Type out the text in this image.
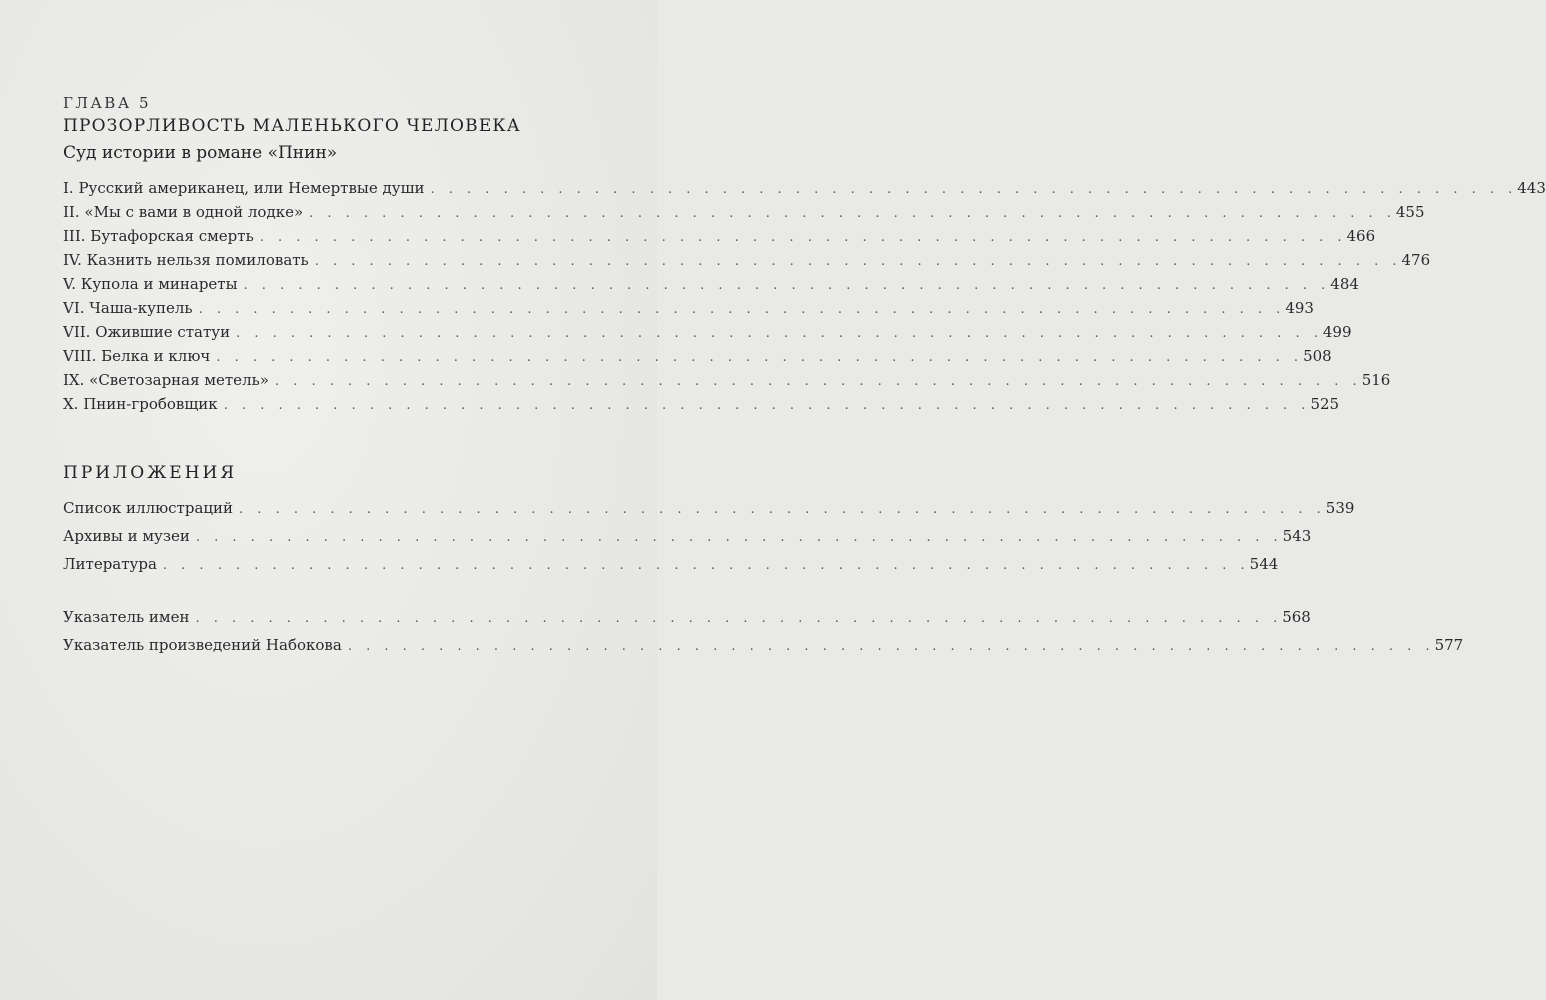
ГЛАВА 5
ПРОЗОРЛИВОСТЬ МАЛЕНЬКОГО ЧЕЛОВЕКА
Суд истории в романе «Пнин»
I. Русский американец, или Немертвые души . . . . . . . . . . . . . . . . . . . . . . . . . . . . . . . . . . . . . . . . . . . . . . . . . . . . . . . . . . . . 443
II. «Мы с вами в одной лодке» . . . . . . . . . . . . . . . . . . . . . . . . . . . . . . . . . . . . . . . . . . . . . . . . . . . . . . . . . . . . 455
III. Бутафорская смерть . . . . . . . . . . . . . . . . . . . . . . . . . . . . . . . . . . . . . . . . . . . . . . . . . . . . . . . . . . . . 466
IV. Казнить нельзя помиловать . . . . . . . . . . . . . . . . . . . . . . . . . . . . . . . . . . . . . . . . . . . . . . . . . . . . . . . . . . . . 476
V. Купола и минареты . . . . . . . . . . . . . . . . . . . . . . . . . . . . . . . . . . . . . . . . . . . . . . . . . . . . . . . . . . . . 484
VI. Чаша-купель . . . . . . . . . . . . . . . . . . . . . . . . . . . . . . . . . . . . . . . . . . . . . . . . . . . . . . . . . . . . 493
VII. Ожившие статуи . . . . . . . . . . . . . . . . . . . . . . . . . . . . . . . . . . . . . . . . . . . . . . . . . . . . . . . . . . . . 499
VIII. Белка и ключ . . . . . . . . . . . . . . . . . . . . . . . . . . . . . . . . . . . . . . . . . . . . . . . . . . . . . . . . . . . . 508
IX. «Светозарная метель» . . . . . . . . . . . . . . . . . . . . . . . . . . . . . . . . . . . . . . . . . . . . . . . . . . . . . . . . . . . . 516
X. Пнин-гробовщик . . . . . . . . . . . . . . . . . . . . . . . . . . . . . . . . . . . . . . . . . . . . . . . . . . . . . . . . . . . . 525
ПРИЛОЖЕНИЯ
Список иллюстраций . . . . . . . . . . . . . . . . . . . . . . . . . . . . . . . . . . . . . . . . . . . . . . . . . . . . . . . . . . . . 539
Архивы и музеи . . . . . . . . . . . . . . . . . . . . . . . . . . . . . . . . . . . . . . . . . . . . . . . . . . . . . . . . . . . . 543
Литература . . . . . . . . . . . . . . . . . . . . . . . . . . . . . . . . . . . . . . . . . . . . . . . . . . . . . . . . . . . . 544
Указатель имен . . . . . . . . . . . . . . . . . . . . . . . . . . . . . . . . . . . . . . . . . . . . . . . . . . . . . . . . . . . . 568
Указатель произведений Набокова . . . . . . . . . . . . . . . . . . . . . . . . . . . . . . . . . . . . . . . . . . . . . . . . . . . . . . . . . . . . 577
